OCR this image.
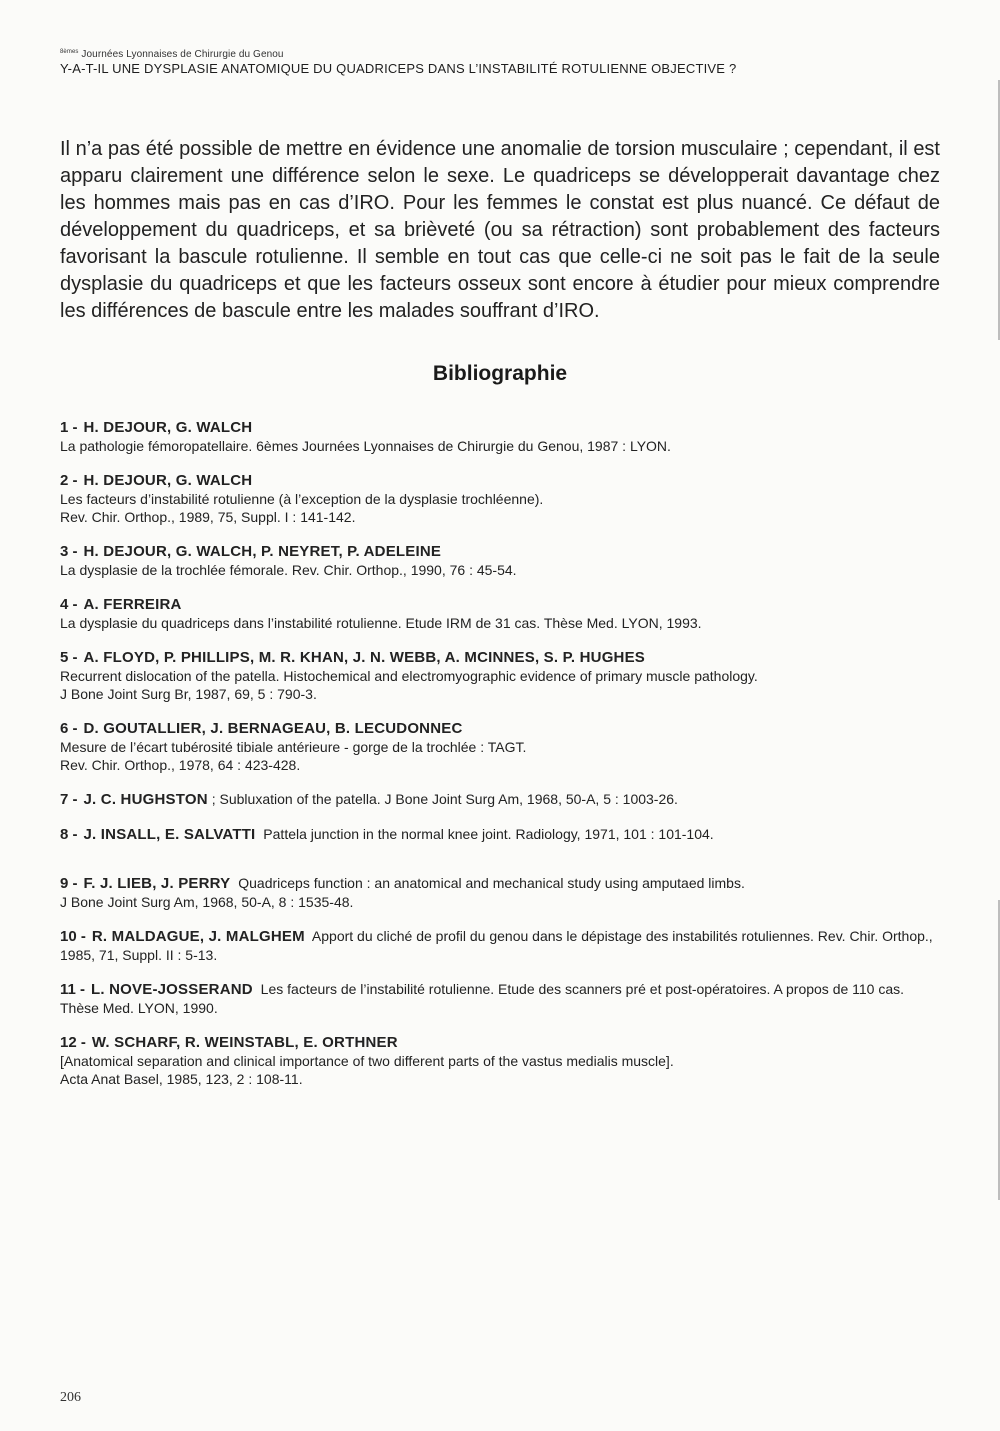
$^{8èmes}$ Journées Lyonnaises de Chirurgie du Genou
Y-A-T-IL UNE DYSPLASIE ANATOMIQUE DU QUADRICEPS DANS L’INSTABILITÉ ROTULIENNE OBJECTIVE ?

Il n’a pas été possible de mettre en évidence une anomalie de torsion musculaire ; cependant, il est apparu clairement une différence selon le sexe. Le quadriceps se développerait davantage chez les hommes mais pas en cas d’IRO. Pour les femmes le constat est plus nuancé. Ce défaut de développement du quadriceps, et sa brièveté (ou sa rétraction) sont probablement des facteurs favorisant la bascule rotulienne. Il semble en tout cas que celle-ci ne soit pas le fait de la seule dysplasie du quadriceps et que les facteurs osseux sont encore à étudier pour mieux comprendre les différences de bascule entre les malades souffrant d’IRO.

Bibliographie
1 - H. DEJOUR, G. WALCH
La pathologie fémoropatellaire. 6èmes Journées Lyonnaises de Chirurgie du Genou, 1987 : LYON.
2 - H. DEJOUR, G. WALCH
Les facteurs d’instabilité rotulienne (à l’exception de la dysplasie trochléenne).
Rev. Chir. Orthop., 1989, 75, Suppl. I : 141-142.
3 - H. DEJOUR, G. WALCH, P. NEYRET, P. ADELEINE
La dysplasie de la trochlée fémorale. Rev. Chir. Orthop., 1990, 76 : 45-54.
4 - A. FERREIRA
La dysplasie du quadriceps dans l’instabilité rotulienne. Etude IRM de 31 cas. Thèse Med. LYON, 1993.
5 - A. FLOYD, P. PHILLIPS, M. R. KHAN, J. N. WEBB, A. MCINNES, S. P. HUGHES
Recurrent dislocation of the patella. Histochemical and electromyographic evidence of primary muscle pathology.
J Bone Joint Surg Br, 1987, 69, 5 : 790-3.
6 - D. GOUTALLIER, J. BERNAGEAU, B. LECUDONNEC
Mesure de l’écart tubérosité tibiale antérieure - gorge de la trochlée : TAGT.
Rev. Chir. Orthop., 1978, 64 : 423-428.
7 - J. C. HUGHSTON ; Subluxation of the patella. J Bone Joint Surg Am, 1968, 50-A, 5 : 1003-26.
8 - J. INSALL, E. SALVATTI Pattela junction in the normal knee joint. Radiology, 1971, 101 : 101-104.
9 - F. J. LIEB, J. PERRY Quadriceps function : an anatomical and mechanical study using amputaed limbs.
J Bone Joint Surg Am, 1968, 50-A, 8 : 1535-48.
10 - R. MALDAGUE, J. MALGHEM Apport du cliché de profil du genou dans le dépistage des instabilités rotuliennes. Rev. Chir. Orthop., 1985, 71, Suppl. II : 5-13.
11 - L. NOVE-JOSSERAND Les facteurs de l’instabilité rotulienne. Etude des scanners pré et post-opératoires. A propos de 110 cas. Thèse Med. LYON, 1990.
12 - W. SCHARF, R. WEINSTABL, E. ORTHNER
[Anatomical separation and clinical importance of two different parts of the vastus medialis muscle].
Acta Anat Basel, 1985, 123, 2 : 108-11.
206
